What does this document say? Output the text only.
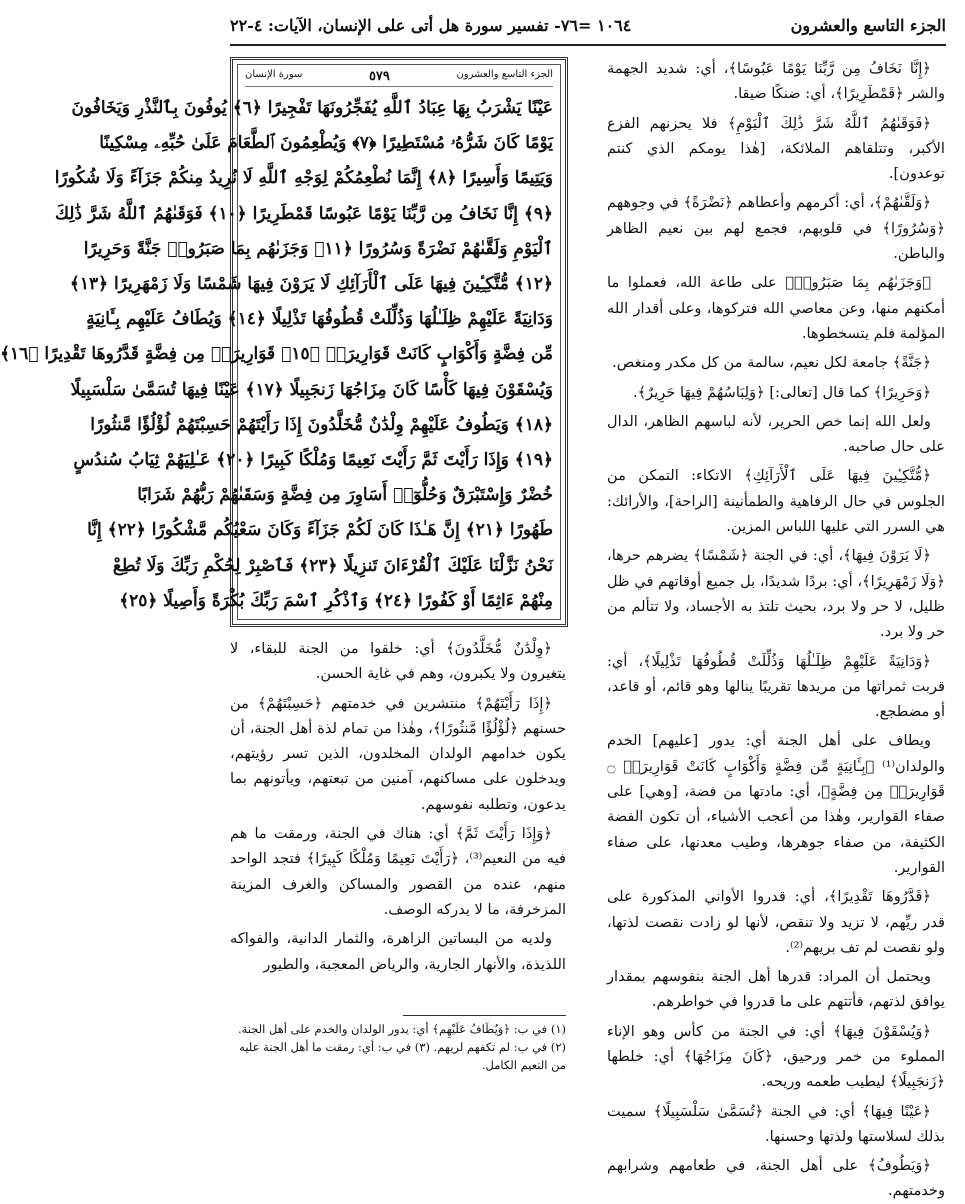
الجزء التاسع والعشرون
١٠٦٤ =٧٦- تفسير سورة هل أتى على الإنسان، الآيات: ٤-٢٢

﴿إِنَّا نَخَافُ مِن رَّبِّنَا يَوْمًا عَبُوسًا﴾، أي: شديد الجهمة والشر ﴿قَمْطَرِيرًا﴾، أي: ضنكًا ضيقا.

﴿فَوَقَىٰهُمُ ٱللَّهُ شَرَّ ذَٰلِكَ ٱلْيَوْمِ﴾ فلا يحزنهم الفزع الأكبر، وتتلقاهم الملائكة، [هٰذا يومكم الذي كنتم توعدون].

﴿وَلَقَّىٰهُمْ﴾، أي: أكرمهم وأعطاهم ﴿نَضْرَةً﴾ في وجوههم ﴿وَسُرُورًا﴾ في قلوبهم، فجمع لهم بين نعيم الظاهر والباطن.

﴿وَجَزَىٰهُم بِمَا صَبَرُوا۟﴾ على طاعة الله، فعملوا ما أمكنهم منها، وعن معاصي الله فتركوها، وعلى أقدار الله المؤلمة فلم يتسخطوها.

﴿جَنَّةً﴾ جامعة لكل نعيم، سالمة من كل مكدر ومنغص.

﴿وَحَرِيرًا﴾ كما قال [تعالى:] ﴿وَلِبَاسُهُمْ فِيهَا حَرِيرٌ﴾.

ولعل الله إنما خص الحرير، لأنه لباسهم الظاهر، الدال على حال صاحبه.

﴿مُّتَّكِـِٔينَ فِيهَا عَلَى ٱلْأَرَآئِكِ﴾ الاتكاء: التمكن من الجلوس في حال الرفاهية والطمأنينة [الراحة]، والأرائك: هي السرر التي عليها اللباس المزين.

﴿لَا يَرَوْنَ فِيهَا﴾، أي: في الجنة ﴿شَمْسًا﴾ يضرهم حرها، ﴿وَلَا زَمْهَرِيرًا﴾، أي: بردًا شديدًا، بل جميع أوقاتهم في ظل ظليل، لا حر ولا برد، بحيث تلتذ به الأجساد، ولا تتألم من حر ولا برد.

﴿وَدَانِيَةً عَلَيْهِمْ ظِلَـٰلُهَا وَذُلِّلَتْ قُطُوفُهَا تَذْلِيلًا﴾، أي: قربت ثمراتها من مريدها تقريبًا ينالها وهو قائم، أو قاعد، أو مضطجع.

ويطاف على أهل الجنة أي: يدور [عليهم] الخدم والولدان⁽¹⁾ ﴿بِـَٔانِيَةٍ مِّن فِضَّةٍ وَأَكْوَابٍ كَانَتْ قَوَارِيرَا۠ ۝ قَوَارِيرَا۟ مِن فِضَّةٍ﴾، أي: مادتها من فضة، [وهي] على صفاء القوارير، وهٰذا من أعجب الأشياء، أن تكون الفضة الكثيفة، من صفاء جوهرها، وطيب معدنها، على صفاء القوارير.

﴿قَدَّرُوهَا تَقْدِيرًا﴾، أي: قدروا الأواني المذكورة على قدر ريِّهم، لا تزيد ولا تنقص، لأنها لو زادت نقصت لذتها، ولو نقصت لم تف بريهم⁽²⁾.

ويحتمل أن المراد: قدرها أهل الجنة بنفوسهم بمقدار يوافق لذتهم، فأتتهم على ما قدروا في خواطرهم.

﴿وَيُسْقَوْنَ فِيهَا﴾ أي: في الجنة من كأس وهو الإناء المملوء من خمر ورحيق، ﴿كَانَ مِزَاجُهَا﴾ أي: خلطها ﴿زَنجَبِيلًا﴾ ليطيب طعمه وريحه.

﴿عَيْنًا فِيهَا﴾ أي: في الجنة ﴿تُسَمَّىٰ سَلْسَبِيلًا﴾ سميت بذلك لسلاستها ولذتها وحسنها.

﴿وَيَطُوفُ﴾ على أهل الجنة، في طعامهم وشرابهم وخدمتهم.

الجزء التاسع والعشرون
٥٧٩
سورة الإنسان
عَيْنًا يَشْرَبُ بِهَا عِبَادُ ٱللَّهِ يُفَجِّرُونَهَا تَفْجِيرًا ﴿٦﴾ يُوفُونَ بِٱلنَّذْرِ وَيَخَافُونَ
يَوْمًا كَانَ شَرُّهُۥ مُسْتَطِيرًا ﴿٧﴾ وَيُطْعِمُونَ ٱلطَّعَامَ عَلَىٰ حُبِّهِۦ مِسْكِينًا
وَيَتِيمًا وَأَسِيرًا ﴿٨﴾ إِنَّمَا نُطْعِمُكُمْ لِوَجْهِ ٱللَّهِ لَا نُرِيدُ مِنكُمْ جَزَآءً وَلَا شُكُورًا
﴿٩﴾ إِنَّا نَخَافُ مِن رَّبِّنَا يَوْمًا عَبُوسًا قَمْطَرِيرًا ﴿١٠﴾ فَوَقَىٰهُمُ ٱللَّهُ شَرَّ ذَٰلِكَ
ٱلْيَوْمِ وَلَقَّىٰهُمْ نَضْرَةً وَسُرُورًا ﴿١١﴾ وَجَزَىٰهُم بِمَا صَبَرُوا۟ جَنَّةً وَحَرِيرًا
﴿١٢﴾ مُّتَّكِـِٔينَ فِيهَا عَلَى ٱلْأَرَآئِكِ لَا يَرَوْنَ فِيهَا شَمْسًا وَلَا زَمْهَرِيرًا ﴿١٣﴾
وَدَانِيَةً عَلَيْهِمْ ظِلَـٰلُهَا وَذُلِّلَتْ قُطُوفُهَا تَذْلِيلًا ﴿١٤﴾ وَيُطَافُ عَلَيْهِم بِـَٔانِيَةٍ
مِّن فِضَّةٍ وَأَكْوَابٍ كَانَتْ قَوَارِيرَا۠ ﴿١٥﴾ قَوَارِيرَا۟ مِن فِضَّةٍ قَدَّرُوهَا تَقْدِيرًا ﴿١٦﴾
وَيُسْقَوْنَ فِيهَا كَأْسًا كَانَ مِزَاجُهَا زَنجَبِيلًا ﴿١٧﴾ عَيْنًا فِيهَا تُسَمَّىٰ سَلْسَبِيلًا
﴿١٨﴾ وَيَطُوفُ عَلَيْهِمْ وِلْدَٰنٌ مُّخَلَّدُونَ إِذَا رَأَيْتَهُمْ حَسِبْتَهُمْ لُؤْلُؤًا مَّنثُورًا
﴿١٩﴾ وَإِذَا رَأَيْتَ ثَمَّ رَأَيْتَ نَعِيمًا وَمُلْكًا كَبِيرًا ﴿٢٠﴾ عَـٰلِيَهُمْ ثِيَابُ سُندُسٍ
خُضْرٌ وَإِسْتَبْرَقٌ وَحُلُّوٓا۟ أَسَاوِرَ مِن فِضَّةٍ وَسَقَىٰهُمْ رَبُّهُمْ شَرَابًا
طَهُورًا ﴿٢١﴾ إِنَّ هَـٰذَا كَانَ لَكُمْ جَزَآءً وَكَانَ سَعْيُكُم مَّشْكُورًا ﴿٢٢﴾ إِنَّا
نَحْنُ نَزَّلْنَا عَلَيْكَ ٱلْقُرْءَانَ تَنزِيلًا ﴿٢٣﴾ فَٱصْبِرْ لِحُكْمِ رَبِّكَ وَلَا تُطِعْ
مِنْهُمْ ءَاثِمًا أَوْ كَفُورًا ﴿٢٤﴾ وَٱذْكُرِ ٱسْمَ رَبِّكَ بُكْرَةً وَأَصِيلًا ﴿٢٥﴾

﴿وِلْدَٰنٌ مُّخَلَّدُونَ﴾ أي: خلقوا من الجنة للبقاء، لا يتغيرون ولا يكبرون، وهم في غاية الحسن.

﴿إِذَا رَأَيْتَهُمْ﴾ منتشرين في خدمتهم ﴿حَسِبْتَهُمْ﴾ من حسنهم ﴿لُؤْلُؤًا مَّنثُورًا﴾، وهٰذا من تمام لذة أهل الجنة، أن يكون خدامهم الولدان المخلدون، الذين تسر رؤيتهم، ويدخلون على مساكنهم، آمنين من تبعتهم، ويأتونهم بما يدعون، وتطلبه نفوسهم.

﴿وَإِذَا رَأَيْتَ ثَمَّ﴾ أي: هناك في الجنة، ورمقت ما هم فيه من النعيم⁽³⁾، ﴿رَأَيْتَ نَعِيمًا وَمُلْكًا كَبِيرًا﴾ فتجد الواحد منهم، عنده من القصور والمساكن والغرف المزينة المزخرفة، ما لا يدركه الوصف.

ولديه من البساتين الزاهرة، والثمار الدانية، والفواكه اللذيذة، والأنهار الجارية، والرياض المعجبة، والطيور

(١) في ب: ﴿وَيُطَافُ عَلَيْهِم﴾ أي: يدور الولدان والخدم على أهل الجنة.
(٢) في ب: لم تكفهم لريهم. (٣) في ب: أي: رمقت ما أهل الجنة عليه من النعيم الكامل.
